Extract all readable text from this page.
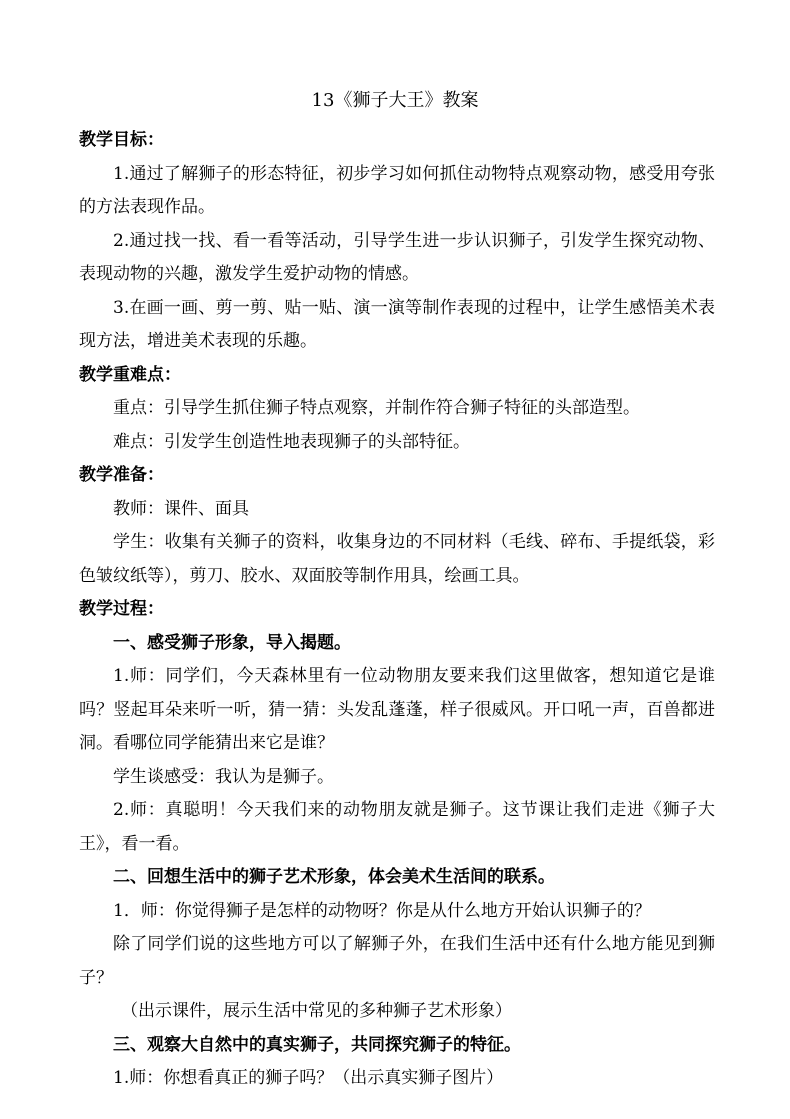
13《狮子大王》教案

教学目标：

1.通过了解狮子的形态特征，初步学习如何抓住动物特点观察动物，感受用夸张的方法表现作品。

2.通过找一找、看一看等活动，引导学生进一步认识狮子，引发学生探究动物、表现动物的兴趣，激发学生爱护动物的情感。

3.在画一画、剪一剪、贴一贴、演一演等制作表现的过程中，让学生感悟美术表现方法，增进美术表现的乐趣。

教学重难点：

重点：引导学生抓住狮子特点观察，并制作符合狮子特征的头部造型。

难点：引发学生创造性地表现狮子的头部特征。

教学准备：

教师：课件、面具

学生：收集有关狮子的资料，收集身边的不同材料（毛线、碎布、手提纸袋，彩色皱纹纸等），剪刀、胶水、双面胶等制作用具，绘画工具。

教学过程：

一、感受狮子形象，导入揭题。

1.师：同学们，今天森林里有一位动物朋友要来我们这里做客，想知道它是谁吗？竖起耳朵来听一听，猜一猜：头发乱蓬蓬，样子很威风。开口吼一声，百兽都进洞。看哪位同学能猜出来它是谁？

学生谈感受：我认为是狮子。

2.师：真聪明！今天我们来的动物朋友就是狮子。这节课让我们走进《狮子大王》，看一看。

二、回想生活中的狮子艺术形象，体会美术生活间的联系。

1．师：你觉得狮子是怎样的动物呀？你是从什么地方开始认识狮子的？

除了同学们说的这些地方可以了解狮子外，在我们生活中还有什么地方能见到狮子？

（出示课件，展示生活中常见的多种狮子艺术形象）

三、观察大自然中的真实狮子，共同探究狮子的特征。

1.师：你想看真正的狮子吗？（出示真实狮子图片）
